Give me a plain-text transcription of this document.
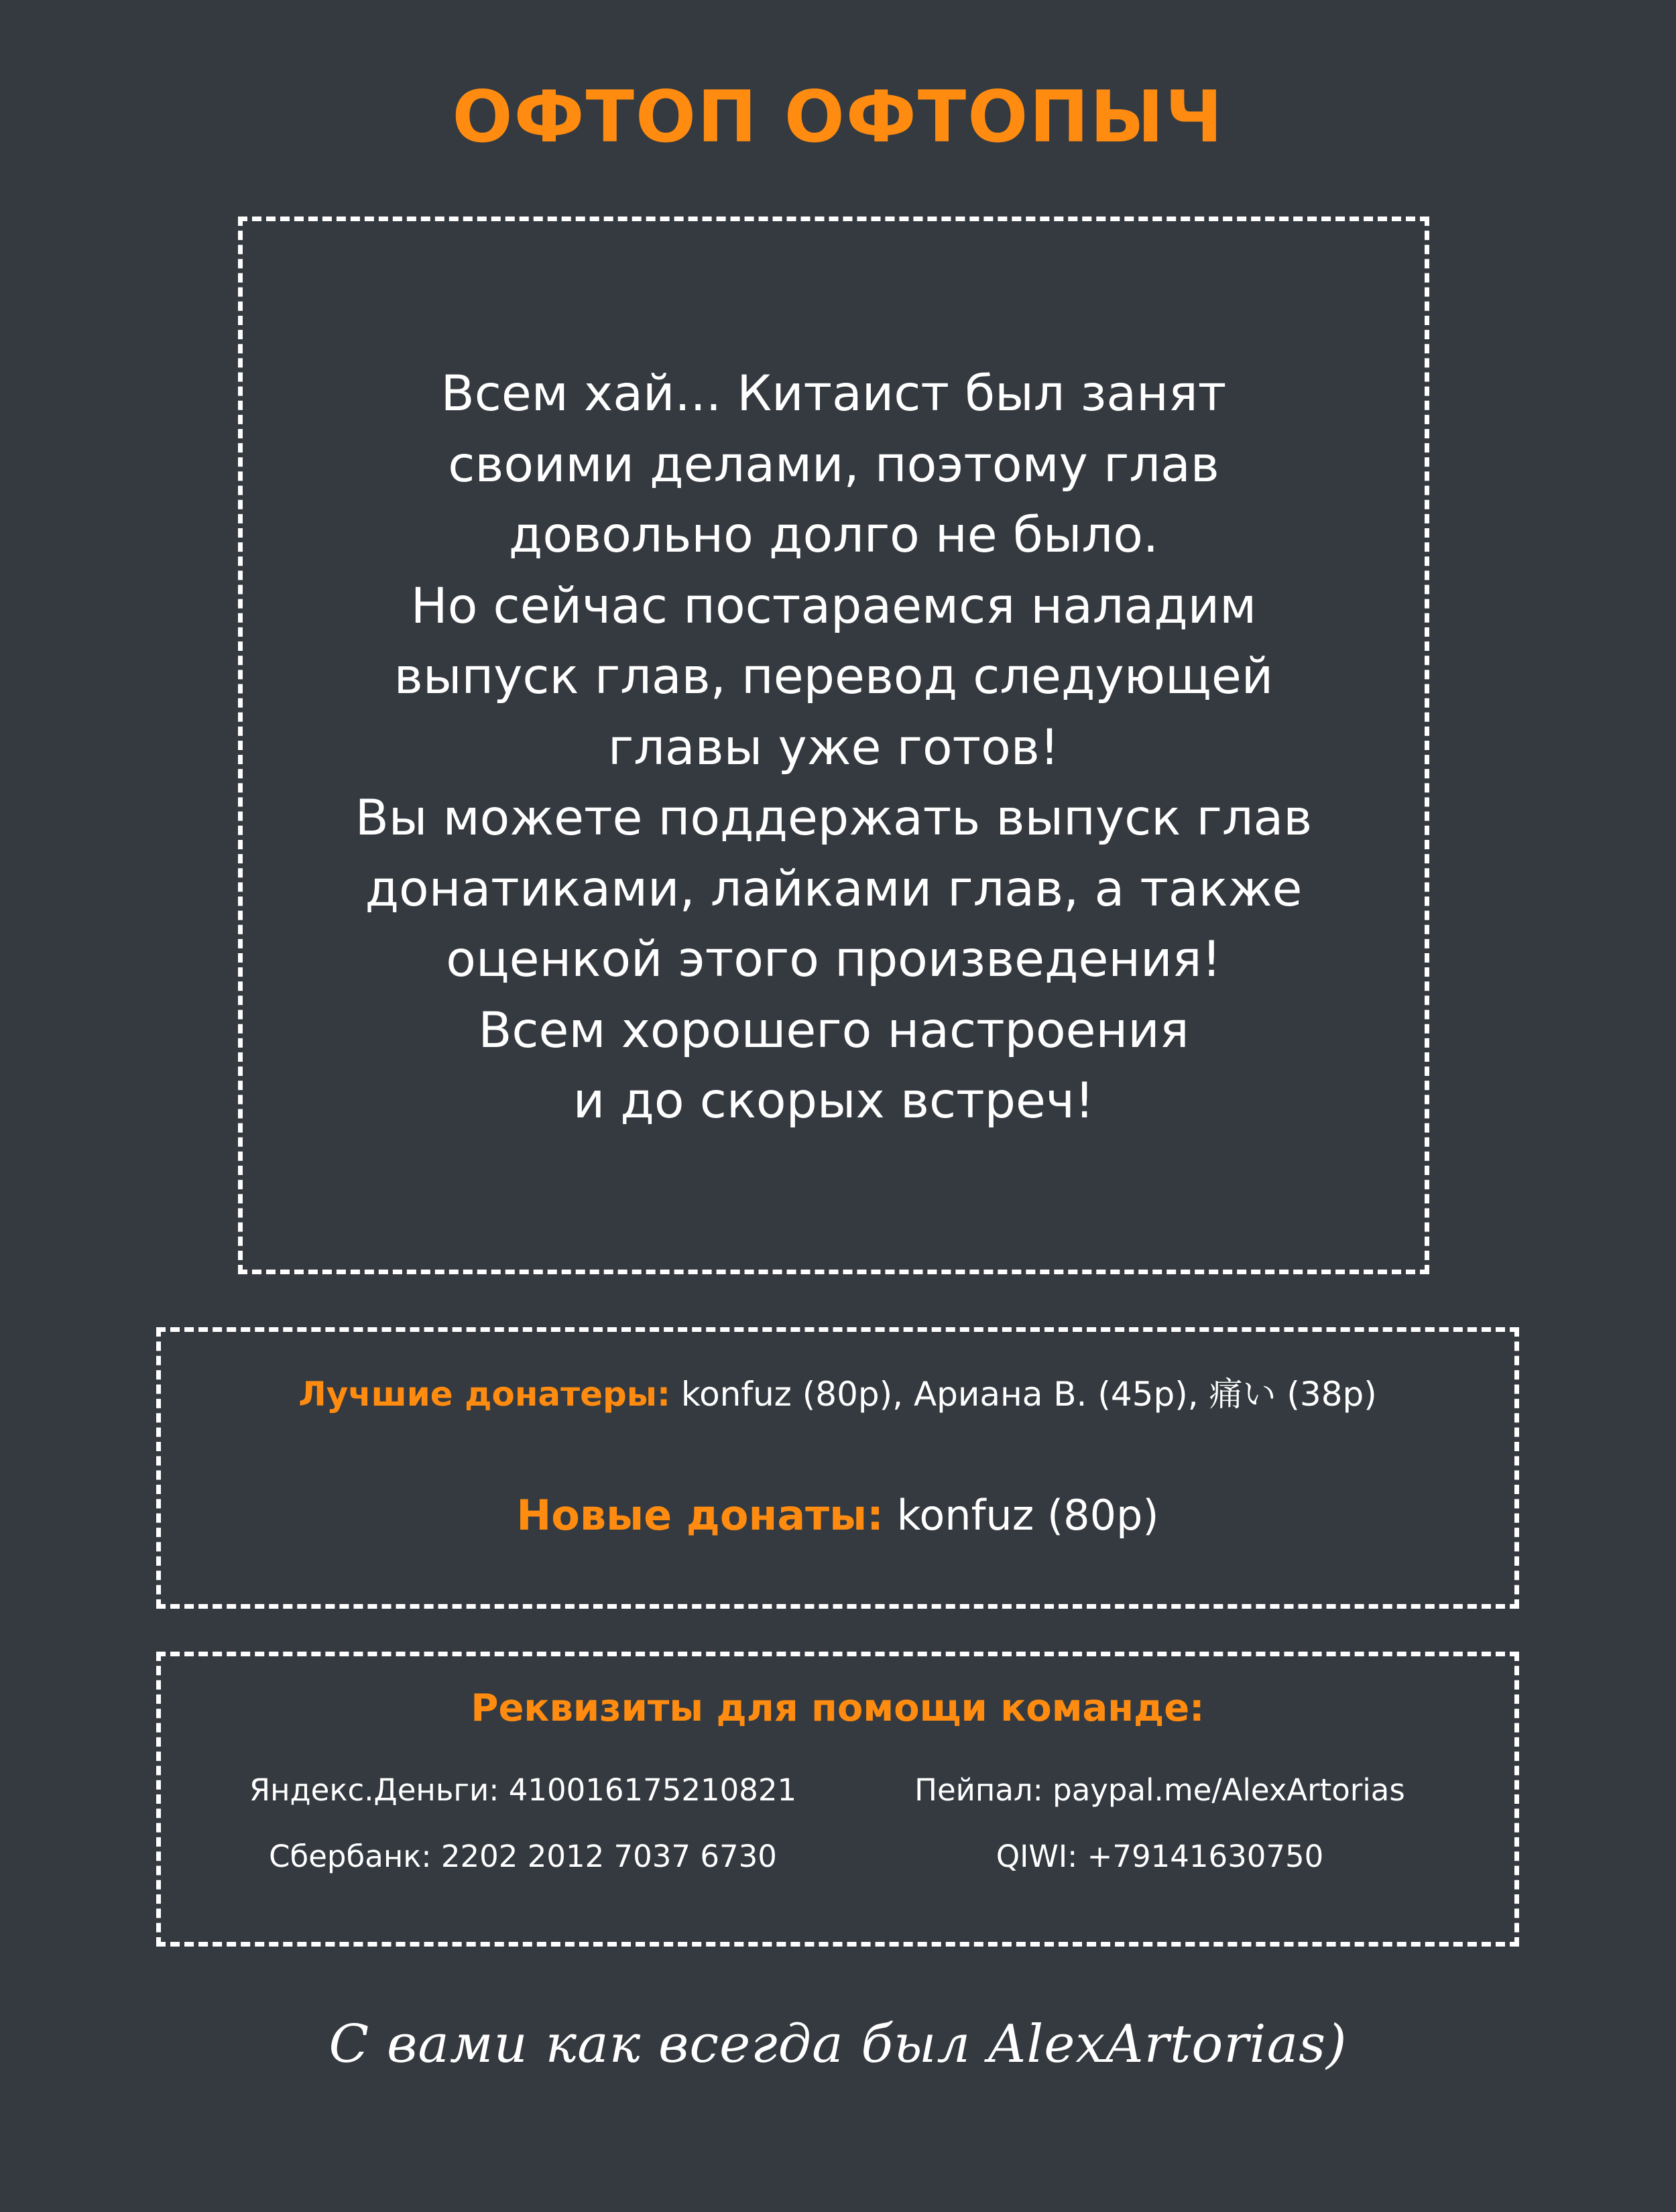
ОФТОП ОФТОПЫЧ
Всем хай... Китаист был занят
своими делами, поэтому глав
довольно долго не было.
Но сейчас постараемся наладим
выпуск глав, перевод следующей
главы уже готов!
Вы можете поддержать выпуск глав
донатиками, лайками глав, а также
оценкой этого произведения!
Всем хорошего настроения
и до скорых встреч!
Лучшие донатеры: konfuz (80р), Ариана В. (45р), 痛い (38р)
Новые донаты: konfuz (80р)
Реквизиты для помощи команде:
Яндекс.Деньги: 410016175210821	Пейпал: paypal.me/AlexArtorias
Сбербанк: 2202 2012 7037 6730	QIWI: +79141630750
С вами как всегда был AlexArtorias)
